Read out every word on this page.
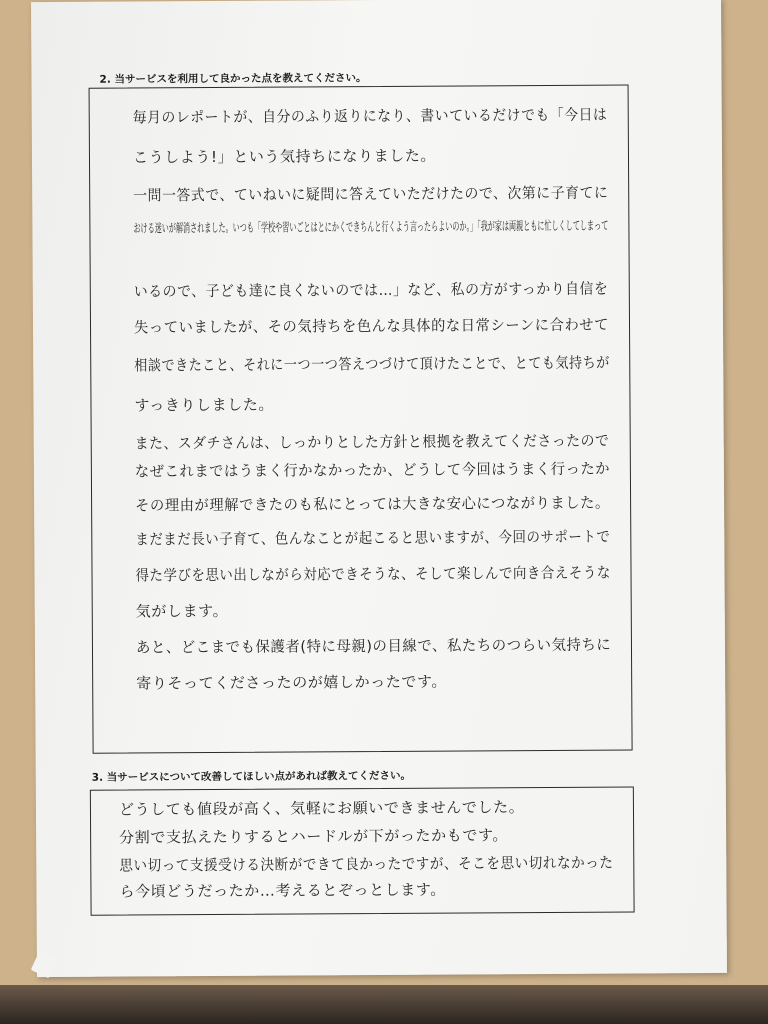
2. 当サービスを利用して良かった点を教えてください。
毎月のレポートが、自分のふり返りになり、書いているだけでも「今日は
こうしよう!」という気持ちになりました。
一問一答式で、ていねいに疑問に答えていただけたので、次第に子育てに
おける迷いが解消されました。いつも「学校や習いごとはとにかくできちんと行くよう言ったらよいのか。」「我が家は両親ともに忙しくしてしまって
いるので、子ども達に良くないのでは…」など、私の方がすっかり自信を
失っていましたが、その気持ちを色んな具体的な日常シーンに合わせて
相談できたこと、それに一つ一つ答えつづけて頂けたことで、とても気持ちが
すっきりしました。
また、スダチさんは、しっかりとした方針と根拠を教えてくださったので
なぜこれまではうまく行かなかったか、どうして今回はうまく行ったか
その理由が理解できたのも私にとっては大きな安心につながりました。
まだまだ長い子育て、色んなことが起こると思いますが、今回のサポートで
得た学びを思い出しながら対応できそうな、そして楽しんで向き合えそうな
気がします。
あと、どこまでも保護者(特に母親)の目線で、私たちのつらい気持ちに
寄りそってくださったのが嬉しかったです。
3. 当サービスについて改善してほしい点があれば教えてください。
どうしても値段が高く、気軽にお願いできませんでした。
分割で支払えたりするとハードルが下がったかもです。
思い切って支援受ける決断ができて良かったですが、そこを思い切れなかった
ら今頃どうだったか…考えるとぞっとします。
